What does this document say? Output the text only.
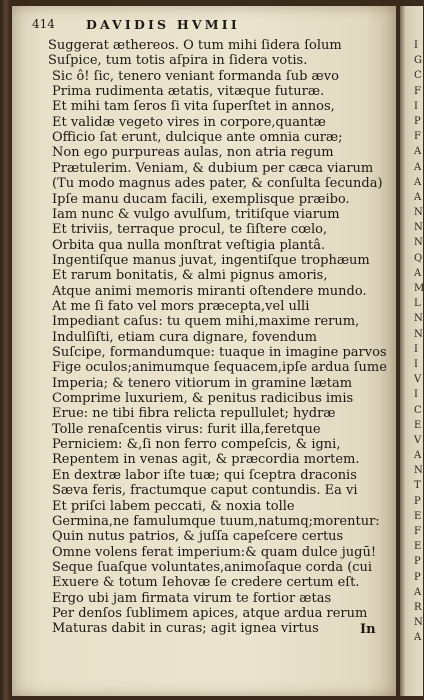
I
G
C
F
I
P
F
A
A
A
A
N
N
N
Q
A
M
L
N
N
I
I
V
I
C
E
V
A
N
T
P
E
F
E
P
P
A
R
N
A
414 DAVIDIS HVMII
Suggerat æthereos. O tum mihi ſidera ſolum
Suſpice, tum totis aſpira in ſidera votis.
Sic ô! ſic, tenero veniant formanda ſub ævo
Prima rudimenta ætatis, vitæque futuræ.
Et mihi tam ſeros ſi vita ſuperſtet in annos,
Et validæ vegeto vires in corpore,quantæ
Officio ſat erunt, dulcique ante omnia curæ;
Non ego purpureas aulas, non atria regum
Prætulerim. Veniam, & dubium per cæca viarum
(Tu modo magnus ades pater, & conſulta ſecunda)
Ipſe manu ducam facili, exemplisque præibo.
Iam nunc & vulgo avulſum, tritiſque viarum
Et triviis, terraque procul, te ſiſtere cœlo,
Orbita qua nulla monſtrat veſtigia plantâ.
Ingentiſque manus juvat, ingentiſque trophæum
Et rarum bonitatis, & almi pignus amoris,
Atque animi memoris miranti oſtendere mundo.
At me ſi fato vel mors præcepta,vel ulli
Impediant caſus: tu quem mihi,maxime rerum,
Indulſiſti, etiam cura dignare, fovendum
Suſcipe, formandumque: tuaque in imagine parvos
Fige oculos;animumque ſequacem,ipſe ardua ſume
Imperia; & tenero vitiorum in gramine lætam
Comprime luxuriem, & penitus radicibus imis
Erue: ne tibi fibra relicta repullulet; hydræ
Tolle renaſcentis virus: furit illa,feretque
Perniciem: &,ſi non ferro compeſcis, & igni,
Repentem in venas agit, & præcordia mortem.
En dextræ labor iſte tuæ; qui ſceptra draconis
Sæva feris, fractumque caput contundis. Ea vi
Et priſci labem peccati, & noxia tolle
Germina,ne famulumque tuum,natumq;morentur:
Quin nutus patrios, & juſſa capeſcere certus
Omne volens ferat imperium:& quam dulce jugū!
Seque ſuaſque voluntates,animoſaque corda (cui
Exuere & totum Iehovæ ſe credere certum eſt.
Ergo ubi jam firmata virum te fortior ætas
Per denſos ſublimem apices, atque ardua rerum
Maturas dabit in curas; agit ignea virtus	In
